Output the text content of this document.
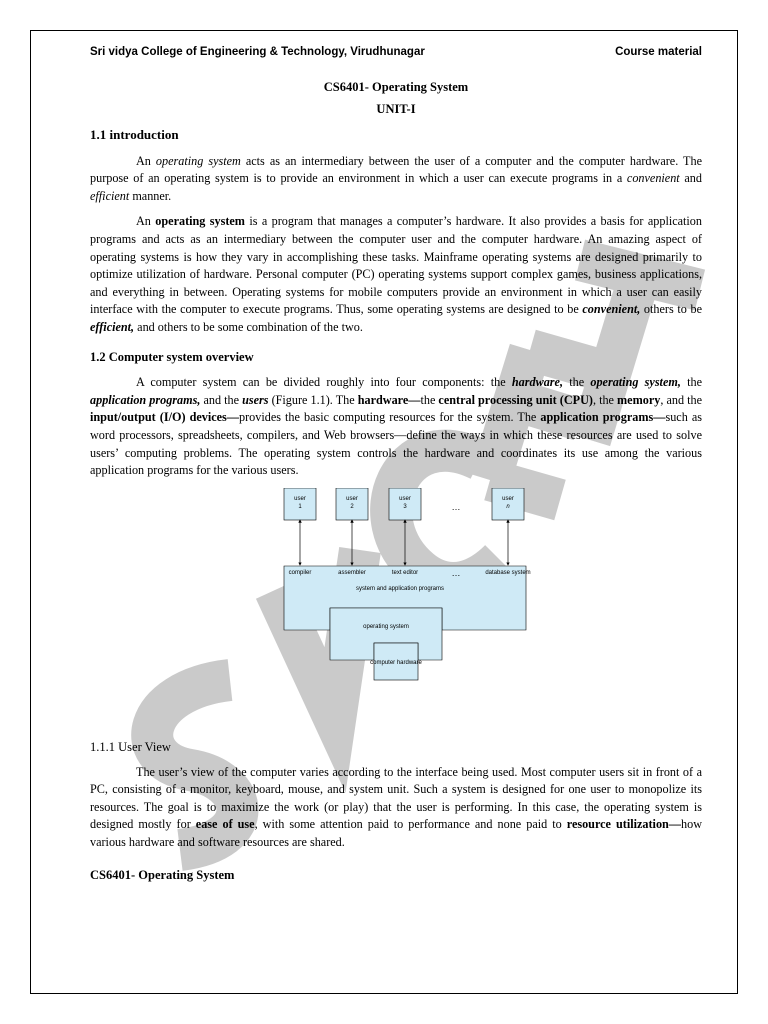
Sri vidya College of Engineering & Technology, Virudhunagar	Course material
CS6401- Operating System
UNIT-I
1.1 introduction

An operating system acts as an intermediary between the user of a computer and the computer hardware. The purpose of an operating system is to provide an environment in which a user can execute programs in a convenient and efficient manner.

An operating system is a program that manages a computer’s hardware. It also provides a basis for application programs and acts as an intermediary between the computer user and the computer hardware. An amazing aspect of operating systems is how they vary in accomplishing these tasks. Mainframe operating systems are designed primarily to optimize utilization of hardware. Personal computer (PC) operating systems support complex games, business applications, and everything in between. Operating systems for mobile computers provide an environment in which a user can easily interface with the computer to execute programs. Thus, some operating systems are designed to be convenient, others to be efficient, and others to be some combination of the two.

1.2 Computer system overview

A computer system can be divided roughly into four components: the hardware, the operating system, the application programs, and the users (Figure 1.1). The hardware—the central processing unit (CPU), the memory, and the input/output (I/O) devices—provides the basic computing resources for the system. The application programs—such as word processors, spreadsheets, compilers, and Web browsers—define the ways in which these resources are used to solve users’ computing problems. The operating system controls the hardware and coordinates its use among the various application programs for the various users.

user
1
user
2
user
3	…
user
n
compiler	assembler	text editor	…	database system
system and application programs
operating system
computer hardware
1.1.1 User View

The user’s view of the computer varies according to the interface being used. Most computer users sit in front of a PC, consisting of a monitor, keyboard, mouse, and system unit. Such a system is designed for one user to monopolize its resources. The goal is to maximize the work (or play) that the user is performing. In this case, the operating system is designed mostly for ease of use, with some attention paid to performance and none paid to resource utilization—how various hardware and software resources are shared.

CS6401- Operating System
